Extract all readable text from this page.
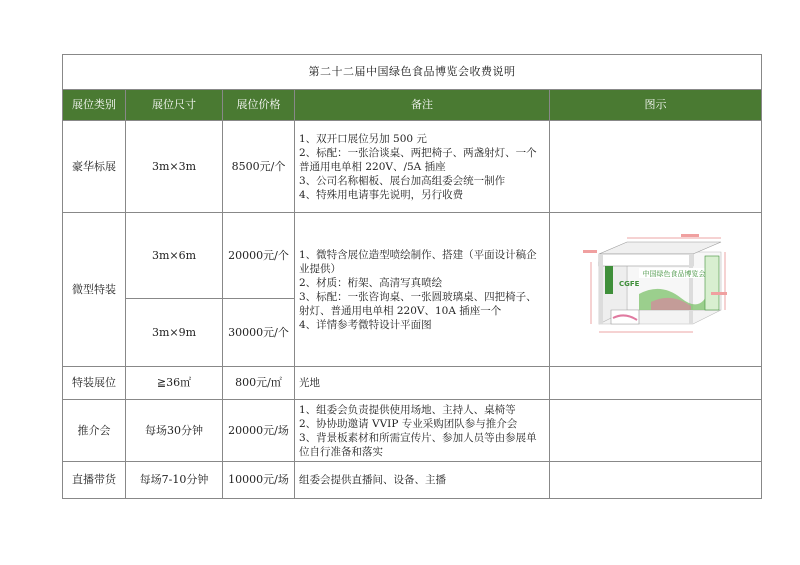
第二十二届中国绿色食品博览会收费说明				
展位类别	展位尺寸	展位价格	备注	图示
豪华标展	3m×3m	8500元/个	1、双开口展位另加 500 元
2、标配：一张洽谈桌、两把椅子、两盏射灯、一个普通用电单相 220V、/5A 插座
3、公司名称楣板、展台加高组委会统一制作
4、特殊用电请事先说明，另行收费	

微型特装	3m×6m	20000元/个	1、微特含展位造型喷绘制作、搭建（平面设计稿企业提供）
2、材质：桁架、高清写真喷绘
3、标配：一张咨询桌、一张圆玻璃桌、四把椅子、射灯、普通用电单相 220V、10A 插座一个
4、详情参考微特设计平面图	中国绿色食品博览会
CGFE

	3m×9m	30000元/个		
特装展位	≧36㎡	800元/㎡	光地	

推介会	每场30分钟	20000元/场	1、组委会负责提供使用场地、主持人、桌椅等
2、协协助邀请 VVIP 专业采购团队参与推介会
3、背景板素材和所需宣传片、参加人员等由参展单位自行准备和落实	

直播带货	每场7-10分钟	10000元/场	组委会提供直播间、设备、主播	
